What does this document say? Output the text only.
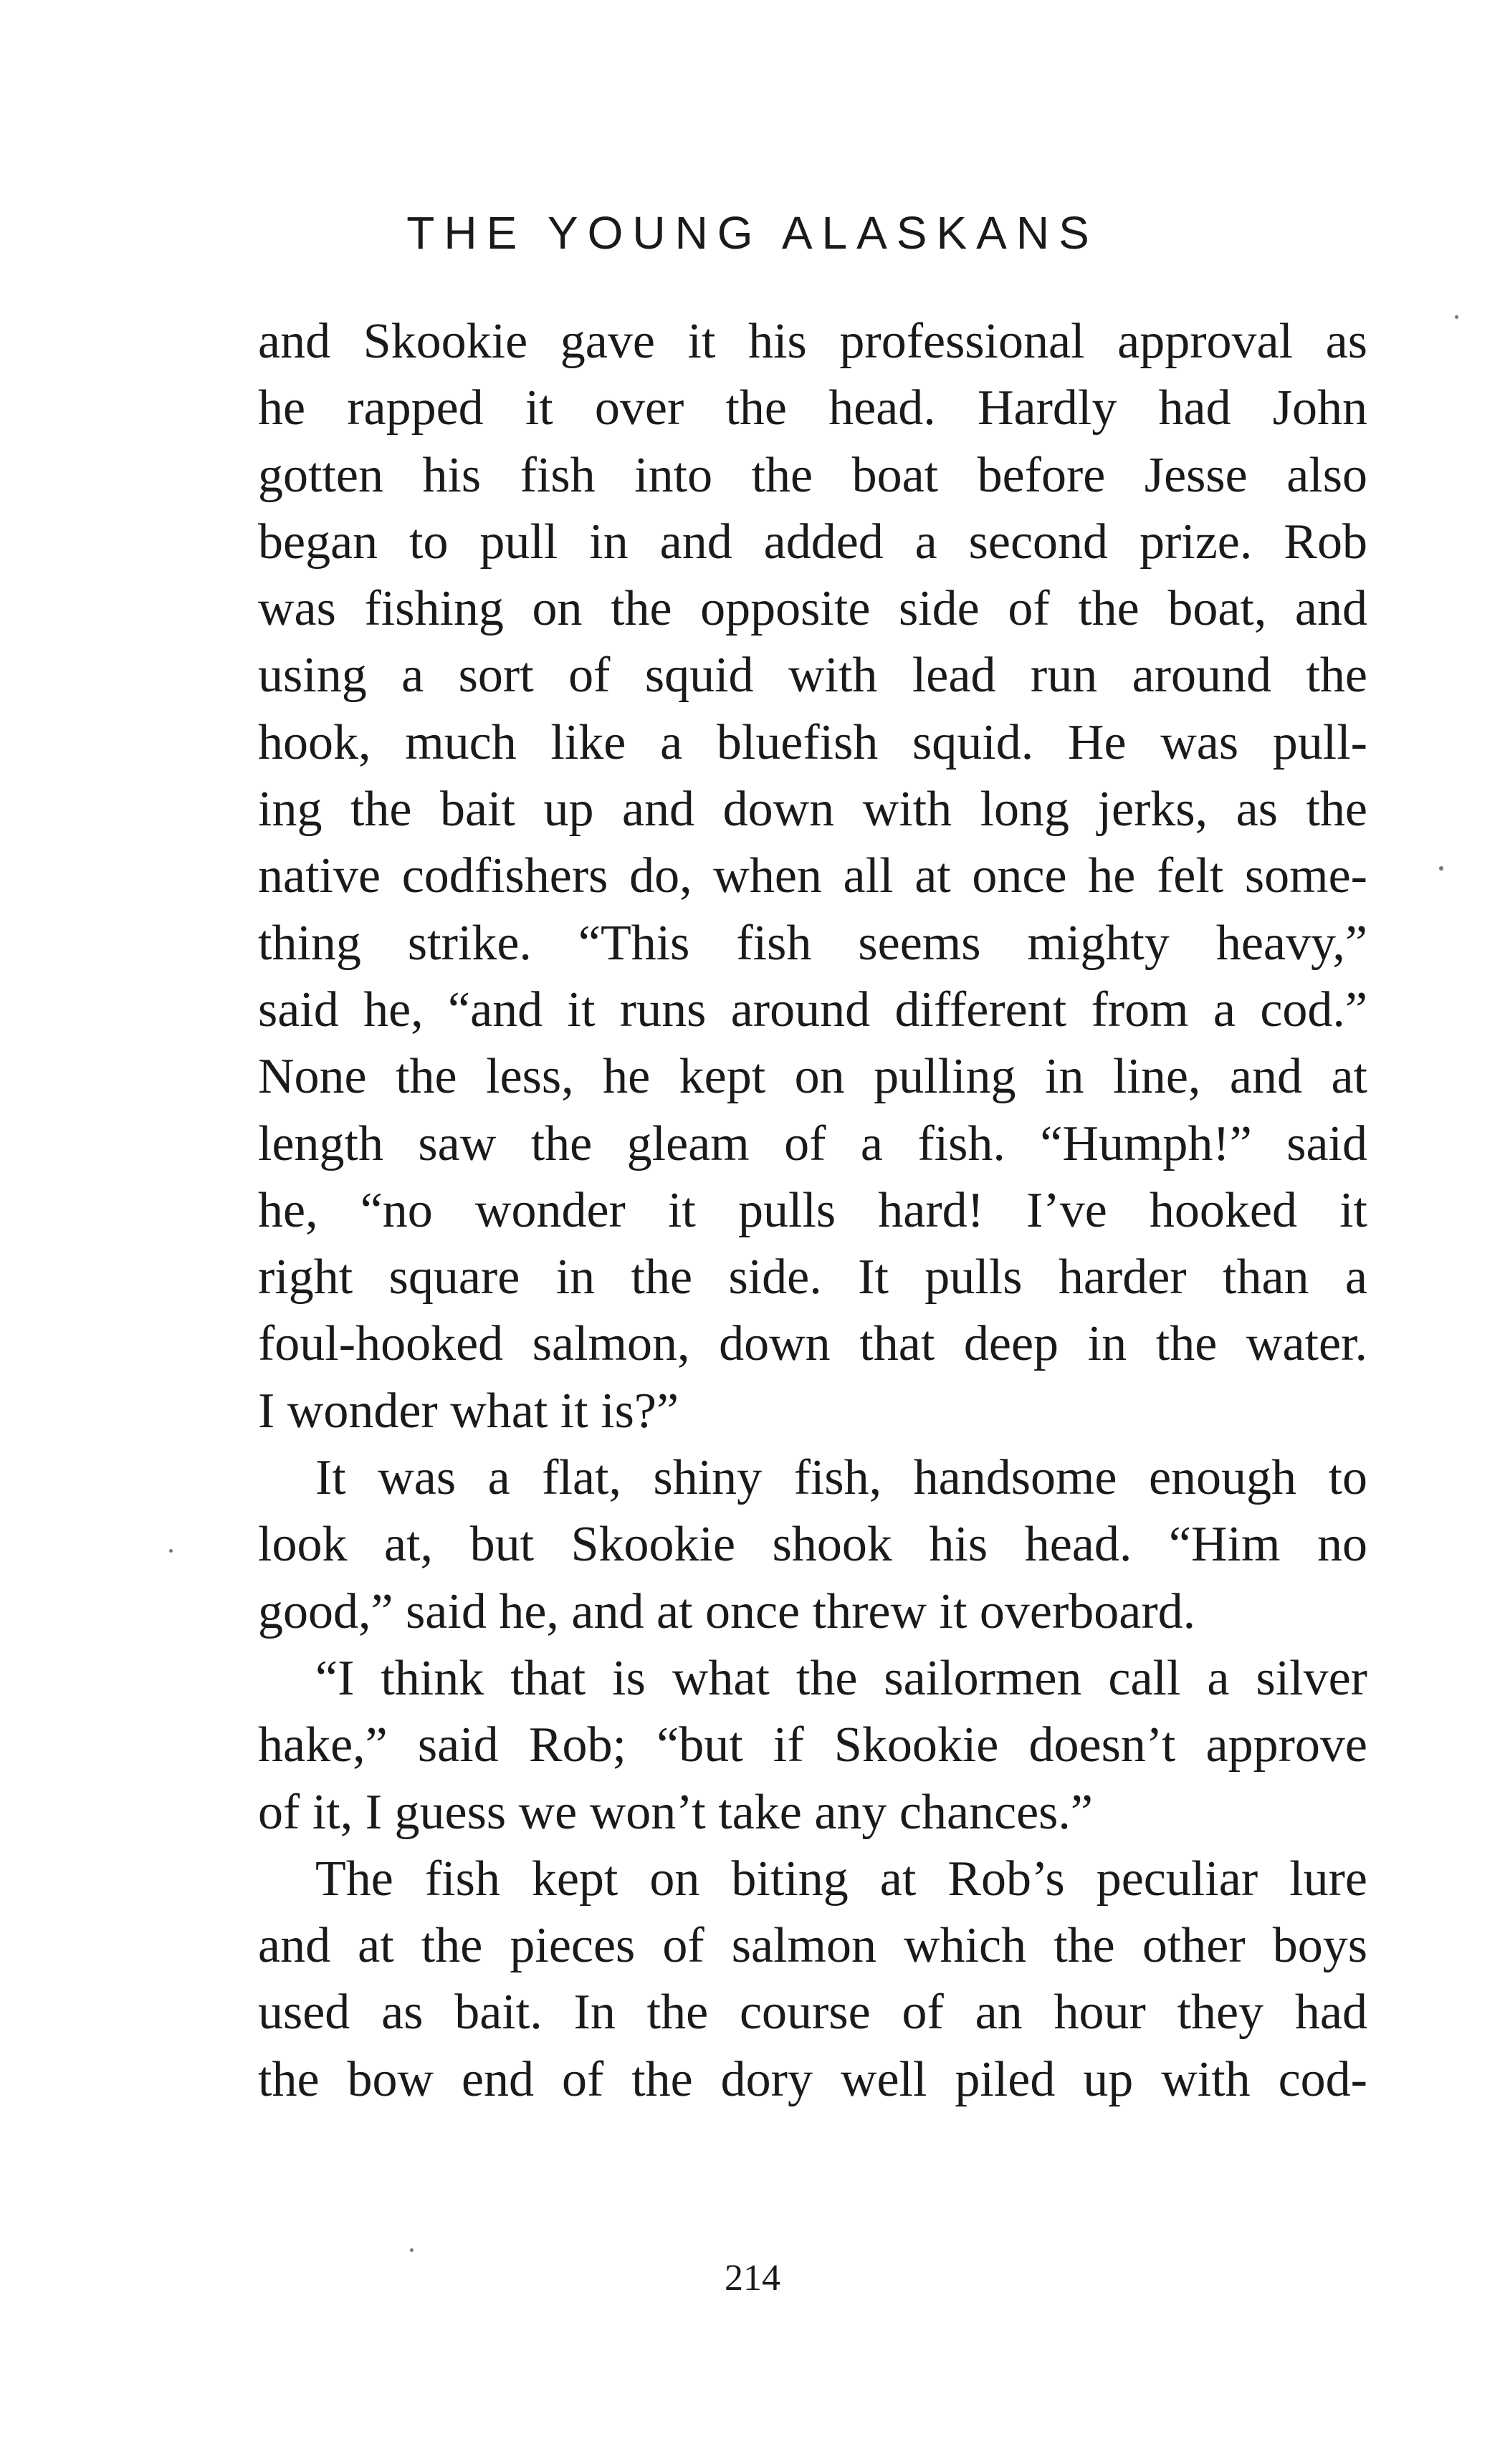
THE YOUNG ALASKANS
and Skookie gave it his professional approval as
he rapped it over the head. Hardly had John
gotten his fish into the boat before Jesse also
began to pull in and added a second prize. Rob
was fishing on the opposite side of the boat, and
using a sort of squid with lead run around the
hook, much like a bluefish squid. He was pull-
ing the bait up and down with long jerks, as the
native codfishers do, when all at once he felt some-
thing strike. “This fish seems mighty heavy,”
said he, “and it runs around different from a cod.”
None the less, he kept on pulling in line, and at
length saw the gleam of a fish. “Humph!” said
he, “no wonder it pulls hard! I’ve hooked it
right square in the side. It pulls harder than a
foul-hooked salmon, down that deep in the water.
I wonder what it is?”
It was a flat, shiny fish, handsome enough to
look at, but Skookie shook his head. “Him no
good,” said he, and at once threw it overboard.
“I think that is what the sailormen call a silver
hake,” said Rob; “but if Skookie doesn’t approve
of it, I guess we won’t take any chances.”
The fish kept on biting at Rob’s peculiar lure
and at the pieces of salmon which the other boys
used as bait. In the course of an hour they had
the bow end of the dory well piled up with cod-
214
